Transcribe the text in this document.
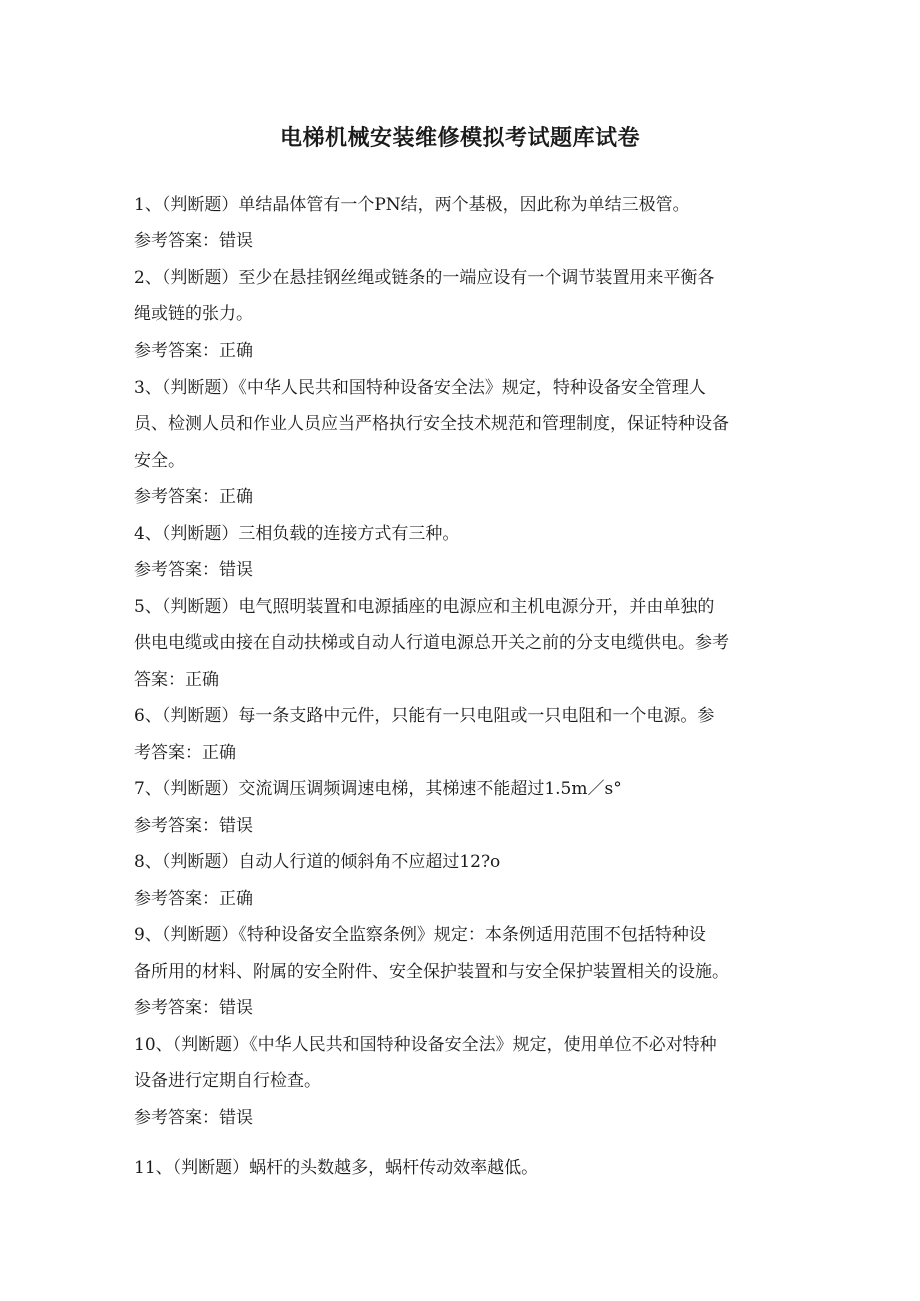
电梯机械安装维修模拟考试题库试卷
1、（判断题）单结晶体管有一个PN结，两个基极，因此称为单结三极管。
参考答案：错误
2、（判断题）至少在悬挂钢丝绳或链条的一端应设有一个调节装置用来平衡各
绳或链的张力。
参考答案：正确
3、（判断题）《中华人民共和国特种设备安全法》规定，特种设备安全管理人
员、检测人员和作业人员应当严格执行安全技术规范和管理制度，保证特种设备
安全。
参考答案：正确
4、（判断题）三相负载的连接方式有三种。
参考答案：错误
5、（判断题）电气照明装置和电源插座的电源应和主机电源分开，并由单独的
供电电缆或由接在自动扶梯或自动人行道电源总开关之前的分支电缆供电。参考
答案：正确
6、（判断题）每一条支路中元件，只能有一只电阻或一只电阻和一个电源。参
考答案：正确
7、（判断题）交流调压调频调速电梯，其梯速不能超过1.5m／s°
参考答案：错误
8、（判断题）自动人行道的倾斜角不应超过12?o
参考答案：正确
9、（判断题）《特种设备安全监察条例》规定：本条例适用范围不包括特种设
备所用的材料、附属的安全附件、安全保护装置和与安全保护装置相关的设施。
参考答案：错误
10、（判断题）《中华人民共和国特种设备安全法》规定，使用单位不必对特种
设备进行定期自行检查。
参考答案：错误
11、（判断题）蜗杆的头数越多，蜗杆传动效率越低。
